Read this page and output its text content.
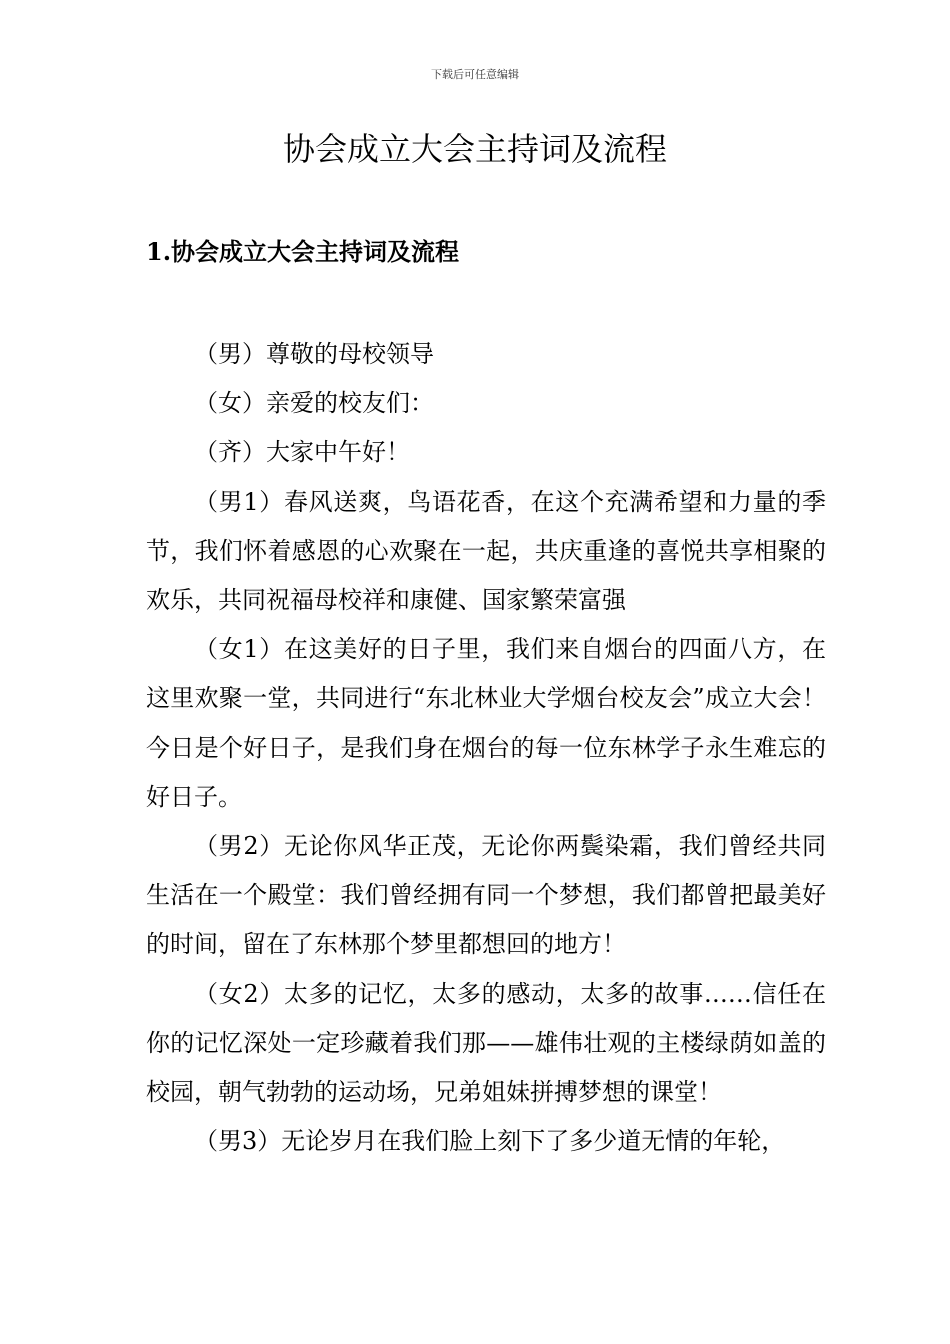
下载后可任意编辑
协会成立大会主持词及流程
1.协会成立大会主持词及流程

（男）尊敬的母校领导

（女）亲爱的校友们：

（齐）大家中午好！

（男1）春风送爽，鸟语花香，在这个充满希望和力量的季节，我们怀着感恩的心欢聚在一起，共庆重逢的喜悦共享相聚的欢乐，共同祝福母校祥和康健、国家繁荣富强

（女1）在这美好的日子里，我们来自烟台的四面八方，在这里欢聚一堂，共同进行“东北林业大学烟台校友会”成立大会！今日是个好日子，是我们身在烟台的每一位东林学子永生难忘的好日子。

（男2）无论你风华正茂，无论你两鬓染霜，我们曾经共同生活在一个殿堂：我们曾经拥有同一个梦想，我们都曾把最美好的时间，留在了东林那个梦里都想回的地方！

（女2）太多的记忆，太多的感动，太多的故事……信任在你的记忆深处一定珍藏着我们那——雄伟壮观的主楼绿荫如盖的校园，朝气勃勃的运动场，兄弟姐妹拼搏梦想的课堂！

（男3）无论岁月在我们脸上刻下了多少道无情的年轮，
